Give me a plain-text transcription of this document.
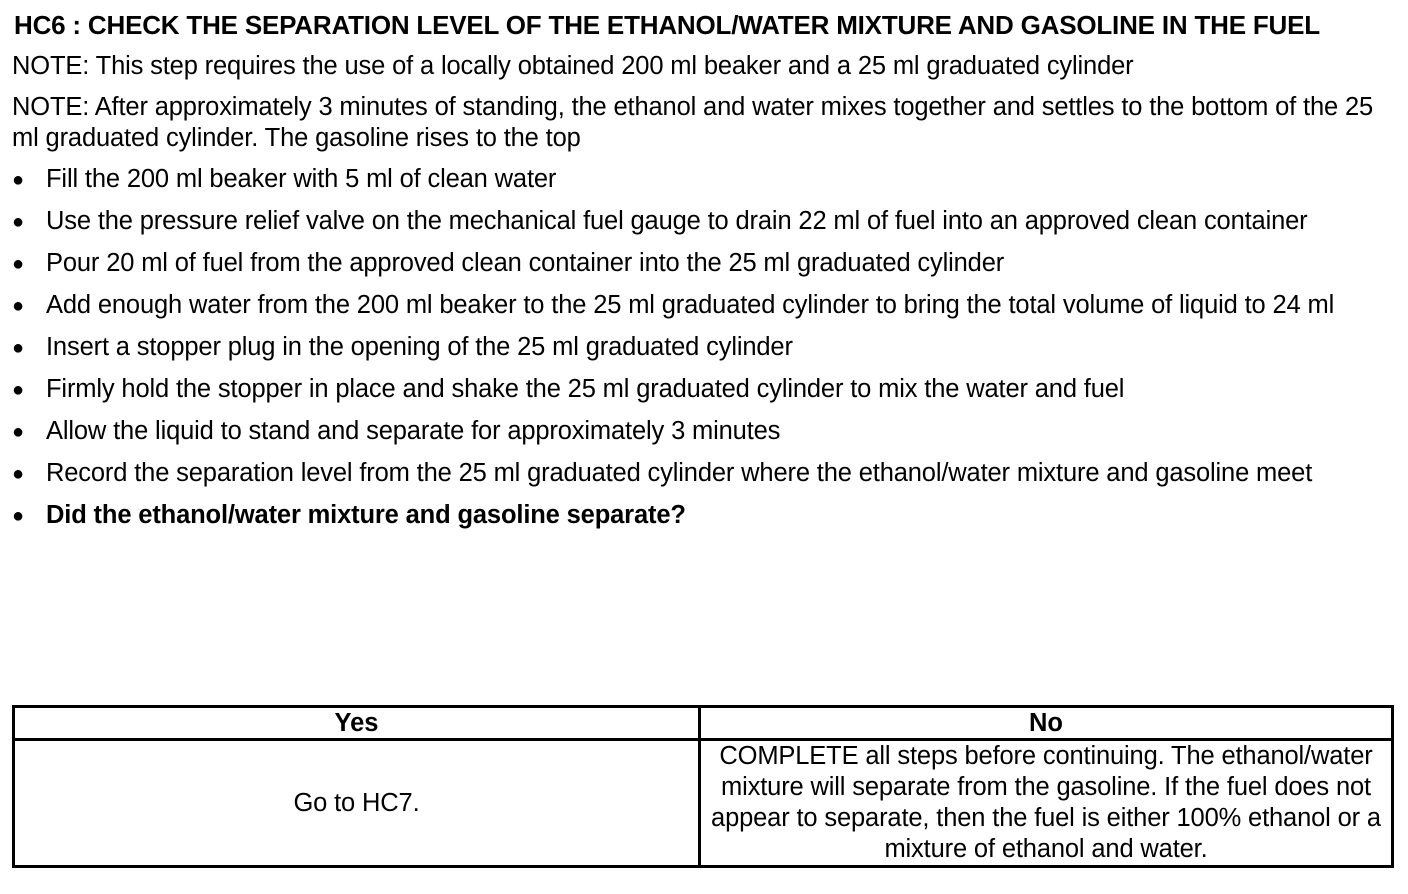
HC6 : CHECK THE SEPARATION LEVEL OF THE ETHANOL/WATER MIXTURE AND GASOLINE IN THE FUEL

NOTE: This step requires the use of a locally obtained 200 ml beaker and a 25 ml graduated cylinder

NOTE: After approximately 3 minutes of standing, the ethanol and water mixes together and settles to the bottom of the 25 ml graduated cylinder. The gasoline rises to the top

● Fill the 200 ml beaker with 5 ml of clean water
● Use the pressure relief valve on the mechanical fuel gauge to drain 22 ml of fuel into an approved clean container
● Pour 20 ml of fuel from the approved clean container into the 25 ml graduated cylinder
● Add enough water from the 200 ml beaker to the 25 ml graduated cylinder to bring the total volume of liquid to 24 ml
● Insert a stopper plug in the opening of the 25 ml graduated cylinder
● Firmly hold the stopper in place and shake the 25 ml graduated cylinder to mix the water and fuel
● Allow the liquid to stand and separate for approximately 3 minutes
● Record the separation level from the 25 ml graduated cylinder where the ethanol/water mixture and gasoline meet
● Did the ethanol/water mixture and gasoline separate?
Yes	No
Go to HC7.	COMPLETE all steps before continuing. The ethanol/water mixture will separate from the gasoline. If the fuel does not appear to separate, then the fuel is either 100% ethanol or a mixture of ethanol and water.
